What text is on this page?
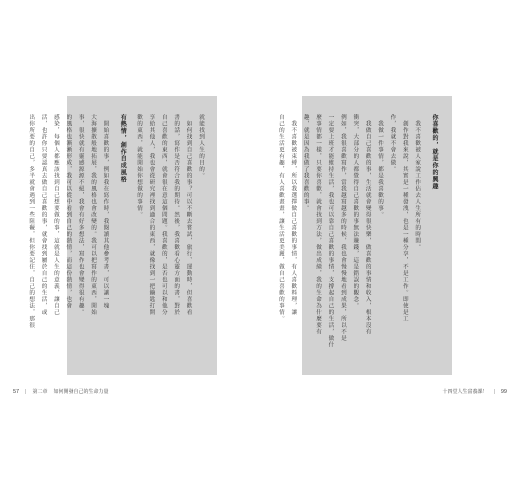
就能找到人生的目的。
　如何找到自己喜歡的事？可以不斷去嘗試，旅行、運動時，但喜歡看
書的話，寫作是否符合我的期待。然後，我喜歡看心靈方面的書，對於
自己喜歡的東西，就會很在意這個問題。我喜歡的，是否也可以和他分
享給其他人，我也會從研究裡找到適合的東西，就像找到一把鑰匙打開
歡的東西，就能開始你想做的事情。
有熱情，創作自成風格
　開始喜歡的事，例如我在寫作時，我閱讀其他參考書，可以讓一塊
大海擴散般地拓展，我的風格也會改變的。我可以把寫作的東西，開始
事，很快就有靈感源源不絕，我會有好多想法，寫作也會變得很有趣。
的風格也漸漸形成，我可以從中看到自己的熱情，而這份熱情，也會
感染，每個人都應該找到自己想要做的事，這就是人生的意義，讓自己
活，也許你只要認真去做自己喜歡的事，就會找到屬於自己的生活，或
出你所要的自己，多半就會遇到一些阻礙，但你要記住，自己的想法，那很	你喜歡的，就是你的興趣
　我不喜歡被人家說工作佔去人生所有的時間。
　創作對我來說，其實是一種發洩，也是一種分享，不是工作。即使是工
作，我就不會去做。
　我做一件事情，都是我喜歡的事。
　我做自己喜歡的事，生活就會變得很快樂，做喜歡的事情和收入，根本沒有
衝突，大部分的人都覺得自己喜歡的事無法賺錢，這是錯誤的觀念。
例如，我很喜歡寫作，當我越寫越多的時候，我也會慢慢地看到成果，所以不是
一定要上班才能維持生活，我也可以靠自己喜歡的事情，支撐起自己的生活，做什
麼事情都一樣，只要你喜歡，就會找到方法，做出成績，我的生命為什麼要有
趣，就是因為我做了我喜歡的事。
　我不喜歡被束縛，所以我選擇做自己喜歡的事情，有人喜歡料理，讓
自己的生活更有趣，有人喜歡畫畫，讓生活更美麗，做自己喜歡的事情。
57 | 第二章 如何開發自己的生命力量	十四堂人生富養課！ | 99
